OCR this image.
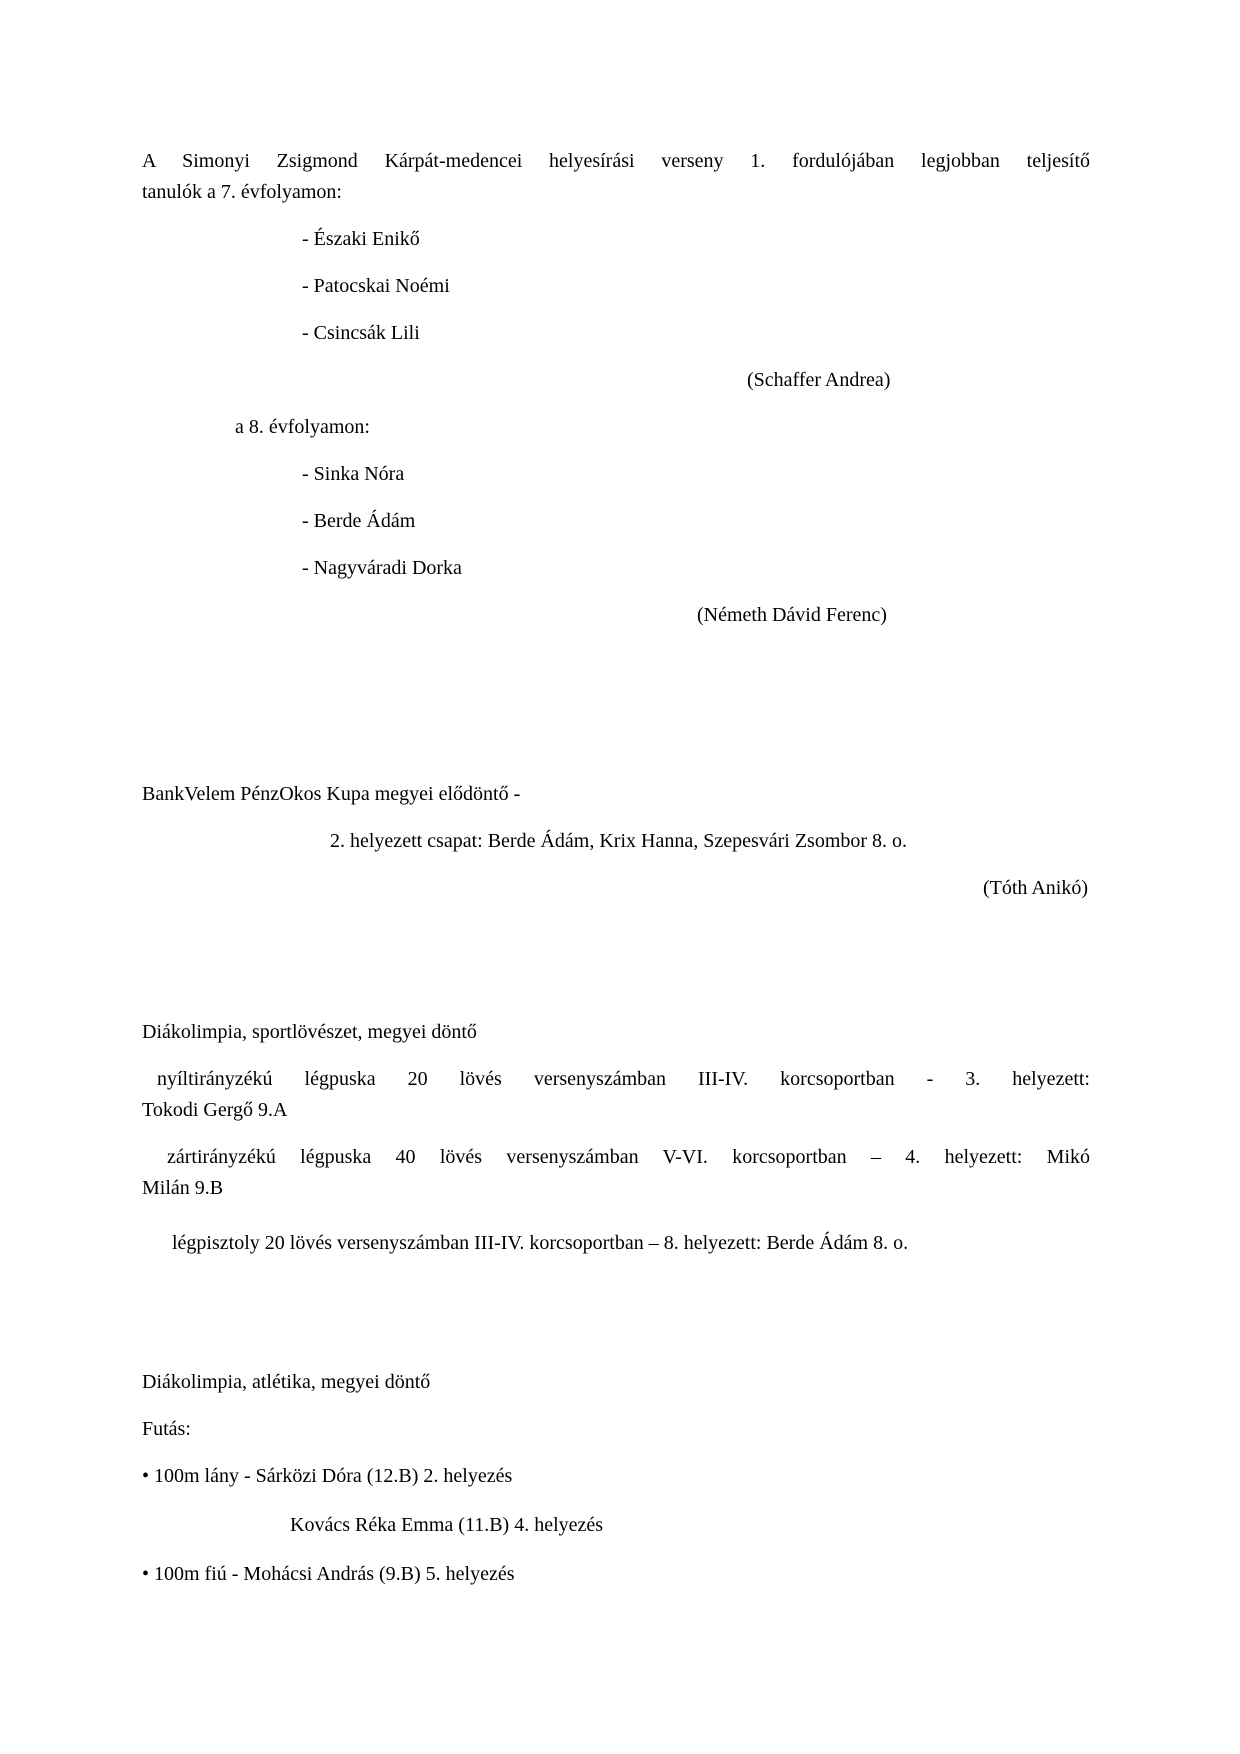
A Simonyi Zsigmond Kárpát-medencei helyesírási verseny 1. fordulójában legjobban teljesítő
tanulók a 7. évfolyamon:

- Északi Enikő

- Patocskai Noémi

- Csincsák Lili

(Schaffer Andrea)

a 8. évfolyamon:

- Sinka Nóra

- Berde Ádám

- Nagyváradi Dorka

(Németh Dávid Ferenc)

BankVelem PénzOkos Kupa megyei elődöntő -

2. helyezett csapat: Berde Ádám, Krix Hanna, Szepesvári Zsombor 8. o.

(Tóth Anikó)

Diákolimpia, sportlövészet, megyei döntő

nyíltirányzékú légpuska 20 lövés versenyszámban III-IV. korcsoportban - 3. helyezett:
Tokodi Gergő 9.A

zártirányzékú légpuska 40 lövés versenyszámban V-VI. korcsoportban – 4. helyezett: Mikó
Milán 9.B

légpisztoly 20 lövés versenyszámban III-IV. korcsoportban – 8. helyezett: Berde Ádám 8. o.

Diákolimpia, atlétika, megyei döntő

Futás:

• 100m lány - Sárközi Dóra (12.B) 2. helyezés

Kovács Réka Emma (11.B) 4. helyezés

• 100m fiú - Mohácsi András (9.B) 5. helyezés
